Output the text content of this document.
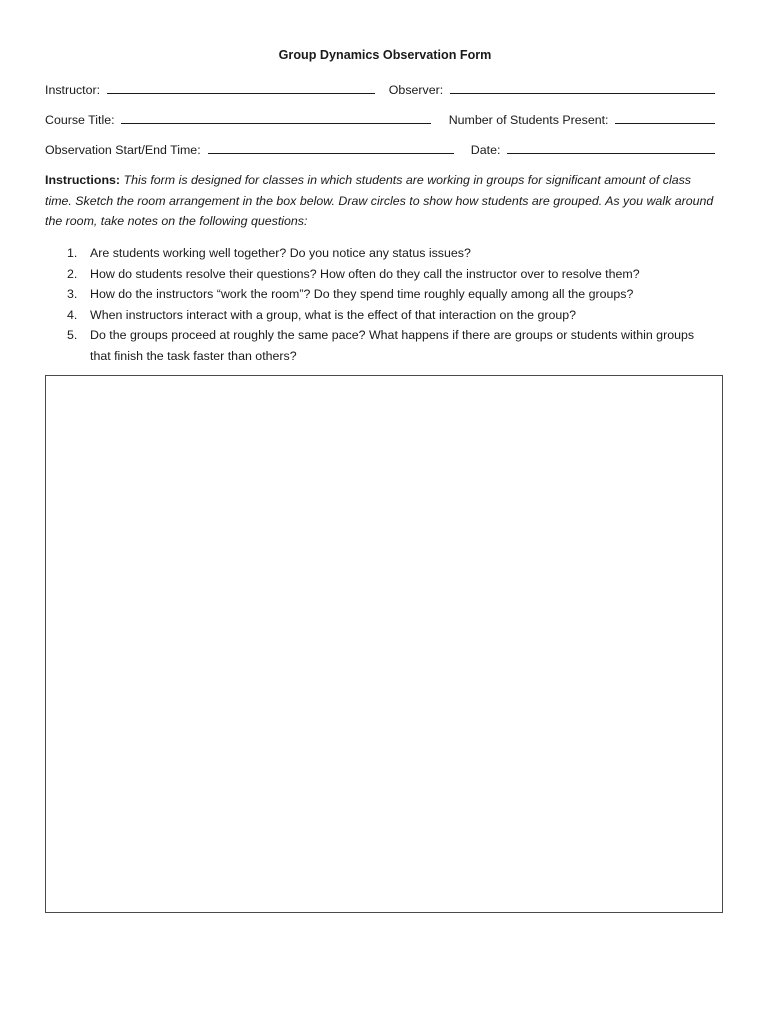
Group Dynamics Observation Form
Instructor:	Observer:
Course Title:	Number of Students Present:
Observation Start/End Time:	Date:
Instructions: This form is designed for classes in which students are working in groups for significant amount of class time. Sketch the room arrangement in the box below. Draw circles to show how students are grouped. As you walk around the room, take notes on the following questions:
1. Are students working well together? Do you notice any status issues?
2. How do students resolve their questions? How often do they call the instructor over to resolve them?
3. How do the instructors “work the room”? Do they spend time roughly equally among all the groups?
4. When instructors interact with a group, what is the effect of that interaction on the group?
5. Do the groups proceed at roughly the same pace? What happens if there are groups or students within groups that finish the task faster than others?
